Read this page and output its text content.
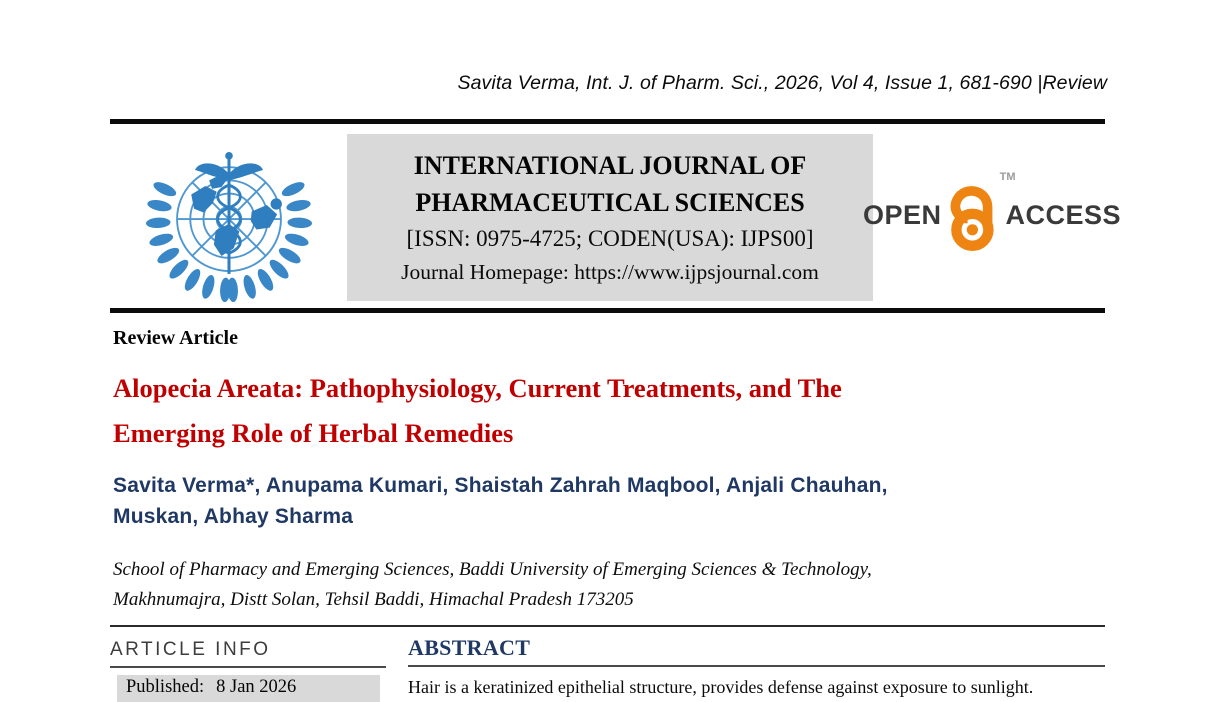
Savita Verma, Int. J. of Pharm. Sci., 2026, Vol 4, Issue 1, 681-690 |Review
INTERNATIONAL JOURNAL OF
PHARMACEUTICAL SCIENCES
[ISSN: 0975-4725; CODEN(USA): IJPS00]
Journal Homepage: https://www.ijpsjournal.com
OPEN
TM
ACCESS
Review Article
Alopecia Areata: Pathophysiology, Current Treatments, and The
Emerging Role of Herbal Remedies
Savita Verma*, Anupama Kumari, Shaistah Zahrah Maqbool, Anjali Chauhan,
Muskan, Abhay Sharma
School of Pharmacy and Emerging Sciences, Baddi University of Emerging Sciences & Technology,
Makhnumajra, Distt Solan, Tehsil Baddi, Himachal Pradesh 173205
ARTICLE INFO
Published: 8 Jan 2026
ABSTRACT
Hair is a keratinized epithelial structure, provides defense against exposure to sunlight.
